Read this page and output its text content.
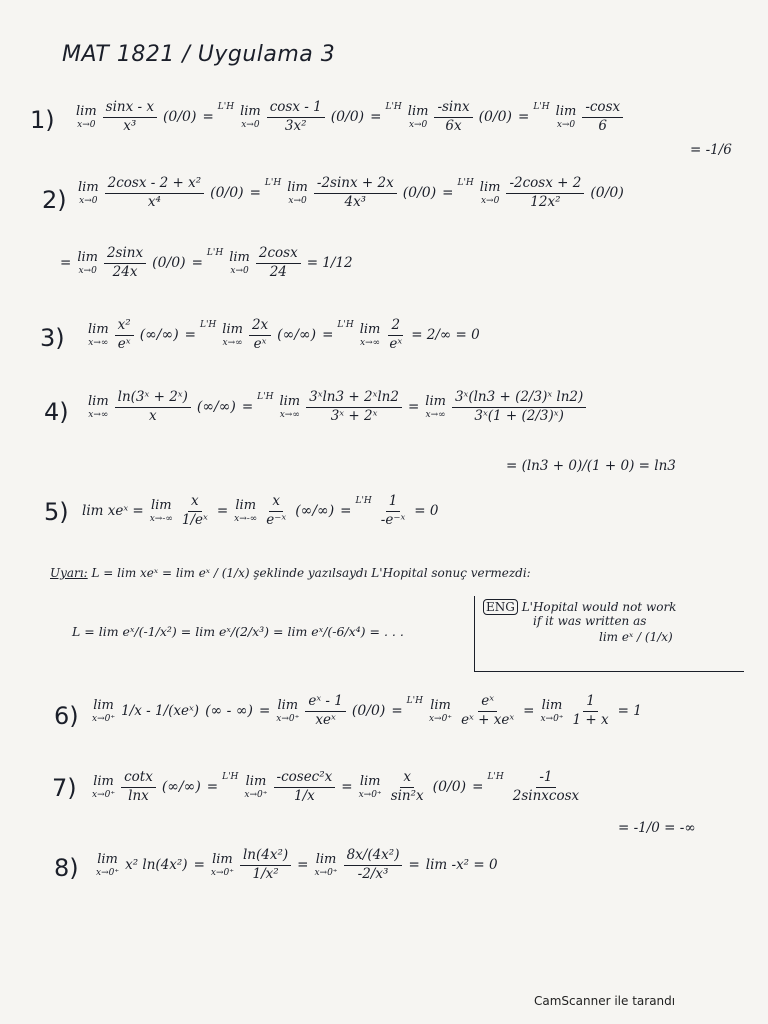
MAT 1821 / Uygulama 3
1) lim
$x\to 0 \frac{\sin x - x}{\text{x³}} (0/0)$ =
L'H lim
$x\to 0 \frac{\cos x - 1}{\text{3x²}} (0/0)$ =
L'H lim
$x\to 0 \frac{-\sin x}{6x} (0/0)$ =
L'H lim
$x\to 0 \frac{-\cos x}{6}$
= -1/6
2) lim
$x\to 0 \frac{\text{2cosx - 2 + x²}}{\text{x⁴}} (0/0)$ =
L'H lim
$x\to 0 \frac{-2\sin x + 2x}{\text{4x³}} (0/0)$ =
L'H lim
$x\to 0 \frac{-2\cos x + 2}{\text{12x²}} (0/0)$
= lim
$x\to 0 \frac{2\sin x}{24x} (0/0)$ =
L'H lim
$x\to 0 \frac{2\cos x}{24} = 1/12$
3) lim
$x\to\infty \frac{\text{x²}}{\text{eˣ}}$ (∞/∞) =
L'H lim
$x\to\infty \frac{2x}{\text{eˣ}}$ (∞/∞) =
L'H lim
$x\to\infty \frac{2}{\text{eˣ}} = 2/\infty = 0$
4) lim
$x\to\infty \frac{\text{ln(3ˣ + 2ˣ)}}{x}$ (∞/∞) =
L'H lim
$x\to\infty \frac{\text{3ˣln3 + 2ˣln2}}{\text{3ˣ + 2ˣ}} = \lim$
$x\to\infty \frac{\text{3ˣ(ln3 + (2/3)ˣ ln2)}}{\text{3ˣ(1 + (2/3)ˣ)}}$
= (ln3 + 0)/(1 + 0) = ln3
5) lim xeˣ = lim
$x\to-\infty \frac{x}{\text{1/eˣ}} = \lim$
$x\to-\infty \frac{x}{\text{e⁻ˣ}}$ (∞/∞) =
$L'H \frac{1}{\text{-e⁻ˣ}} = 0$
Uyarı: L = lim xeˣ = lim eˣ / (1/x) şeklinde yazılsaydı L'Hopital sonuç vermezdi:
L = lim eˣ/(-1/x²) = lim eˣ/(2/x³) = lim eˣ/(-6/x⁴) = . . .
ENG L'Hopital would not work
if it was written as
lim eˣ / (1/x)
6) lim
x→0⁺ 1/x - 1/(xeˣ) (∞ - ∞) = lim
$x\to 0^+ \frac{\text{eˣ - 1}}{\text{xeˣ}} (0/0)$ =
L'H lim
$x\to 0^+ \frac{\text{eˣ}}{\text{eˣ + xeˣ}} = \lim$
$x\to 0^+ \frac{1}{1 + x} = 1$
7) lim
$x\to 0^+ \frac{\cot x}{\ln x}$ (∞/∞) =
L'H lim
$x\to 0^+ \frac{\text{-cosec²x}}{1/x} = \lim$
$x\to 0^+ \frac{x}{\text{sin²x}} (0/0)$ =
$L'H \frac{-1}{\text{2sinxcosx}}$
= -1/0 = -∞
8) lim
x→0⁺ x² ln(4x²) = lim
$x\to 0^+ \frac{\text{ln(4x²)}}{\text{1/x²}} = \lim$
$x\to 0^+ \frac{\text{8x/(4x²)}}{\text{-2/x³}} = \lim -x^2 = 0$
CamScanner ile tarandı
